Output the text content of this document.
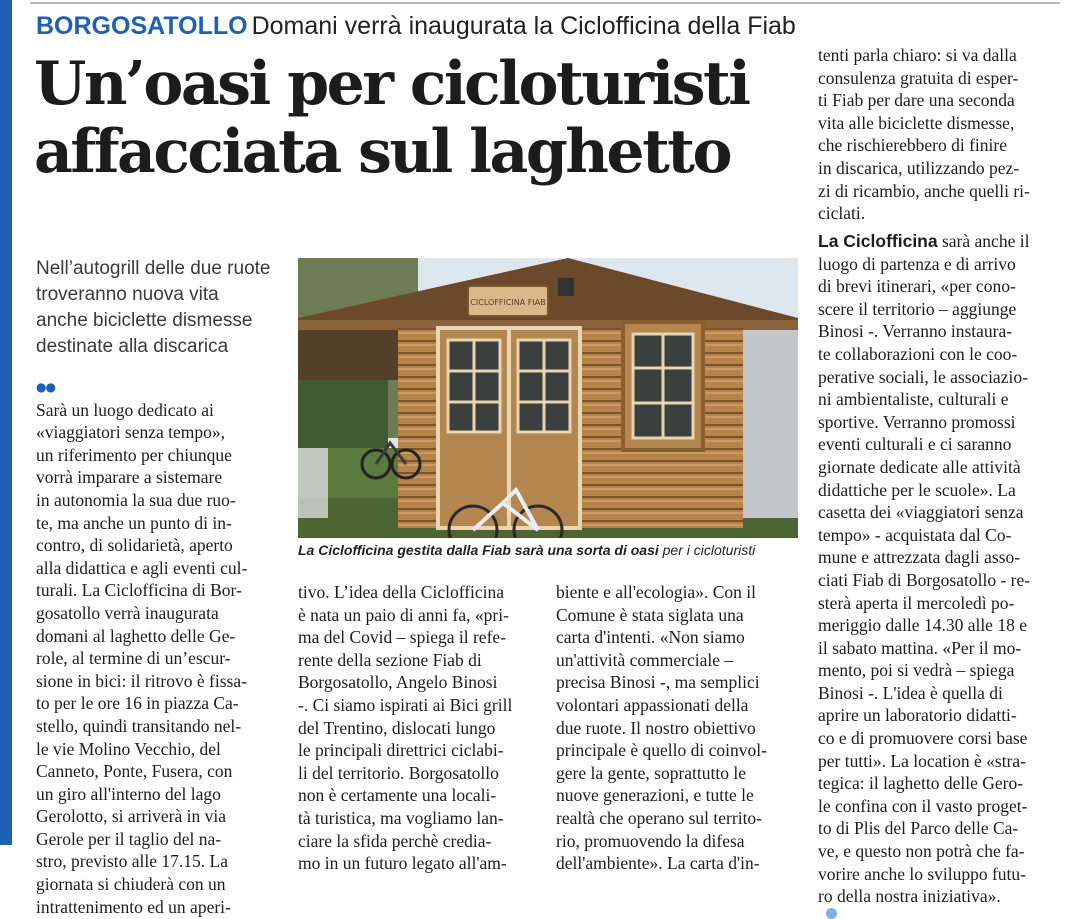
BORGOSATOLLO Domani verrà inaugurata la Ciclofficina della Fiab
Un’oasi per cicloturisti
affacciata sul laghetto
Nell’autogrill delle due ruote
troveranno nuova vita
anche biciclette dismesse
destinate alla discarica
CICLOFFICINA FIAB
La Ciclofficina gestita dalla Fiab sarà una sorta di oasi per i cicloturisti
●●
Sarà un luogo dedicato ai
«viaggiatori senza tempo»,
un riferimento per chiunque
vorrà imparare a sistemare
in autonomia la sua due ruo-
te, ma anche un punto di in-
contro, di solidarietà, aperto
alla didattica e agli eventi cul-
turali. La Ciclofficina di Bor-
gosatollo verrà inaugurata
domani al laghetto delle Ge-
role, al termine di un’escur-
sione in bici: il ritrovo è fissa-
to per le ore 16 in piazza Ca-
stello, quindi transitando nel-
le vie Molino Vecchio, del
Canneto, Ponte, Fusera, con
un giro all'interno del lago
Gerolotto, si arriverà in via
Gerole per il taglio del na-
stro, previsto alle 17.15. La
giornata si chiuderà con un
intrattenimento ed un aperi-
tivo. L’idea della Ciclofficina
è nata un paio di anni fa, «pri-
ma del Covid – spiega il refe-
rente della sezione Fiab di
Borgosatollo, Angelo Binosi
-. Ci siamo ispirati ai Bici grill
del Trentino, dislocati lungo
le principali direttrici ciclabi-
li del territorio. Borgosatollo
non è certamente una locali-
tà turistica, ma vogliamo lan-
ciare la sfida perchè crediа-
mo in un futuro legato all'am-
biente e all'ecologia». Con il
Comune è stata siglata una
carta d'intenti. «Non siamo
un'attività commerciale –
precisa Binosi -, ma semplici
volontari appassionati della
due ruote. Il nostro obiettivo
principale è quello di coinvol-
gere la gente, soprattutto le
nuove generazioni, e tutte le
realtà che operano sul territo-
rio, promuovendo la difesa
dell'ambiente». La carta d'in-
tenti parla chiaro: si va dalla
consulenza gratuita di esper-
ti Fiab per dare una seconda
vita alle biciclette dismesse,
che rischierebbero di finire
in discarica, utilizzando pez-
zi di ricambio, anche quelli ri-
ciclati.
La Ciclofficina sarà anche il
luogo di partenza e di arrivo
di brevi itinerari, «per cono-
scere il territorio – aggiunge
Binosi -. Verranno instaura-
te collaborazioni con le coo-
perative sociali, le associazio-
ni ambientaliste, culturali e
sportive. Verranno promossi
eventi culturali e ci saranno
giornate dedicate alle attività
didattiche per le scuole». La
casetta dei «viaggiatori senza
tempo» - acquistata dal Co-
mune e attrezzata dagli asso-
ciati Fiab di Borgosatollo - re-
sterà aperta il mercoledì po-
meriggio dalle 14.30 alle 18 e
il sabato mattina. «Per il mo-
mento, poi si vedrà – spiega
Binosi -. L'idea è quella di
aprire un laboratorio didatti-
co e di promuovere corsi base
per tutti». La location è «stra-
tegica: il laghetto delle Gero-
le confina con il vasto proget-
to di Plis del Parco delle Ca-
ve, e questo non potrà che fa-
vorire anche lo sviluppo futu-
ro della nostra iniziativa».
